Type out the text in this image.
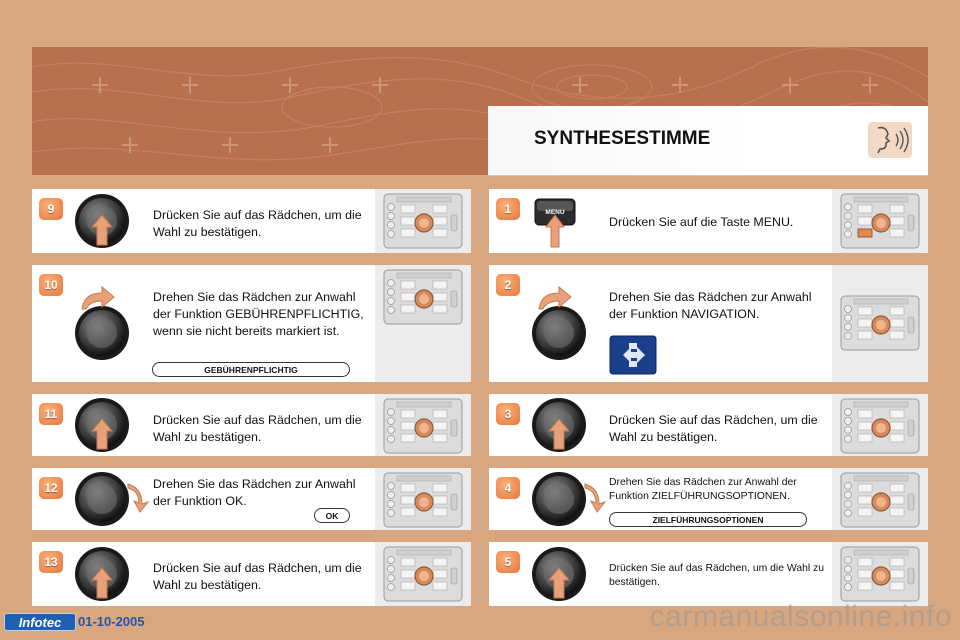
SYNTHESESTIMME
9	Drücken Sie auf das Rädchen, um die Wahl zu bestätigen.
10
Drehen Sie das Rädchen zur Anwahl der Funktion GEBÜHRENPFLICHTIG, wenn sie nicht bereits markiert ist.
GEBÜHRENPFLICHTIG
11	Drücken Sie auf das Rädchen, um die Wahl zu bestätigen.
12	Drehen Sie das Rädchen zur Anwahl der Funktion OK.
OK
13	Drücken Sie auf das Rädchen, um die Wahl zu bestätigen.
1	MENU
Drücken Sie auf die Taste MENU.
2
Drehen Sie das Rädchen zur Anwahl der Funktion NAVIGATION.
3	Drücken Sie auf das Rädchen, um die Wahl zu bestätigen.
4	Drehen Sie das Rädchen zur Anwahl der Funktion ZIELFÜHRUNGSOPTIONEN.
ZIELFÜHRUNGSOPTIONEN
5	Drücken Sie auf das Rädchen, um die Wahl zu bestätigen.
Infotec	01-10-2005	carmanualsonline.info
